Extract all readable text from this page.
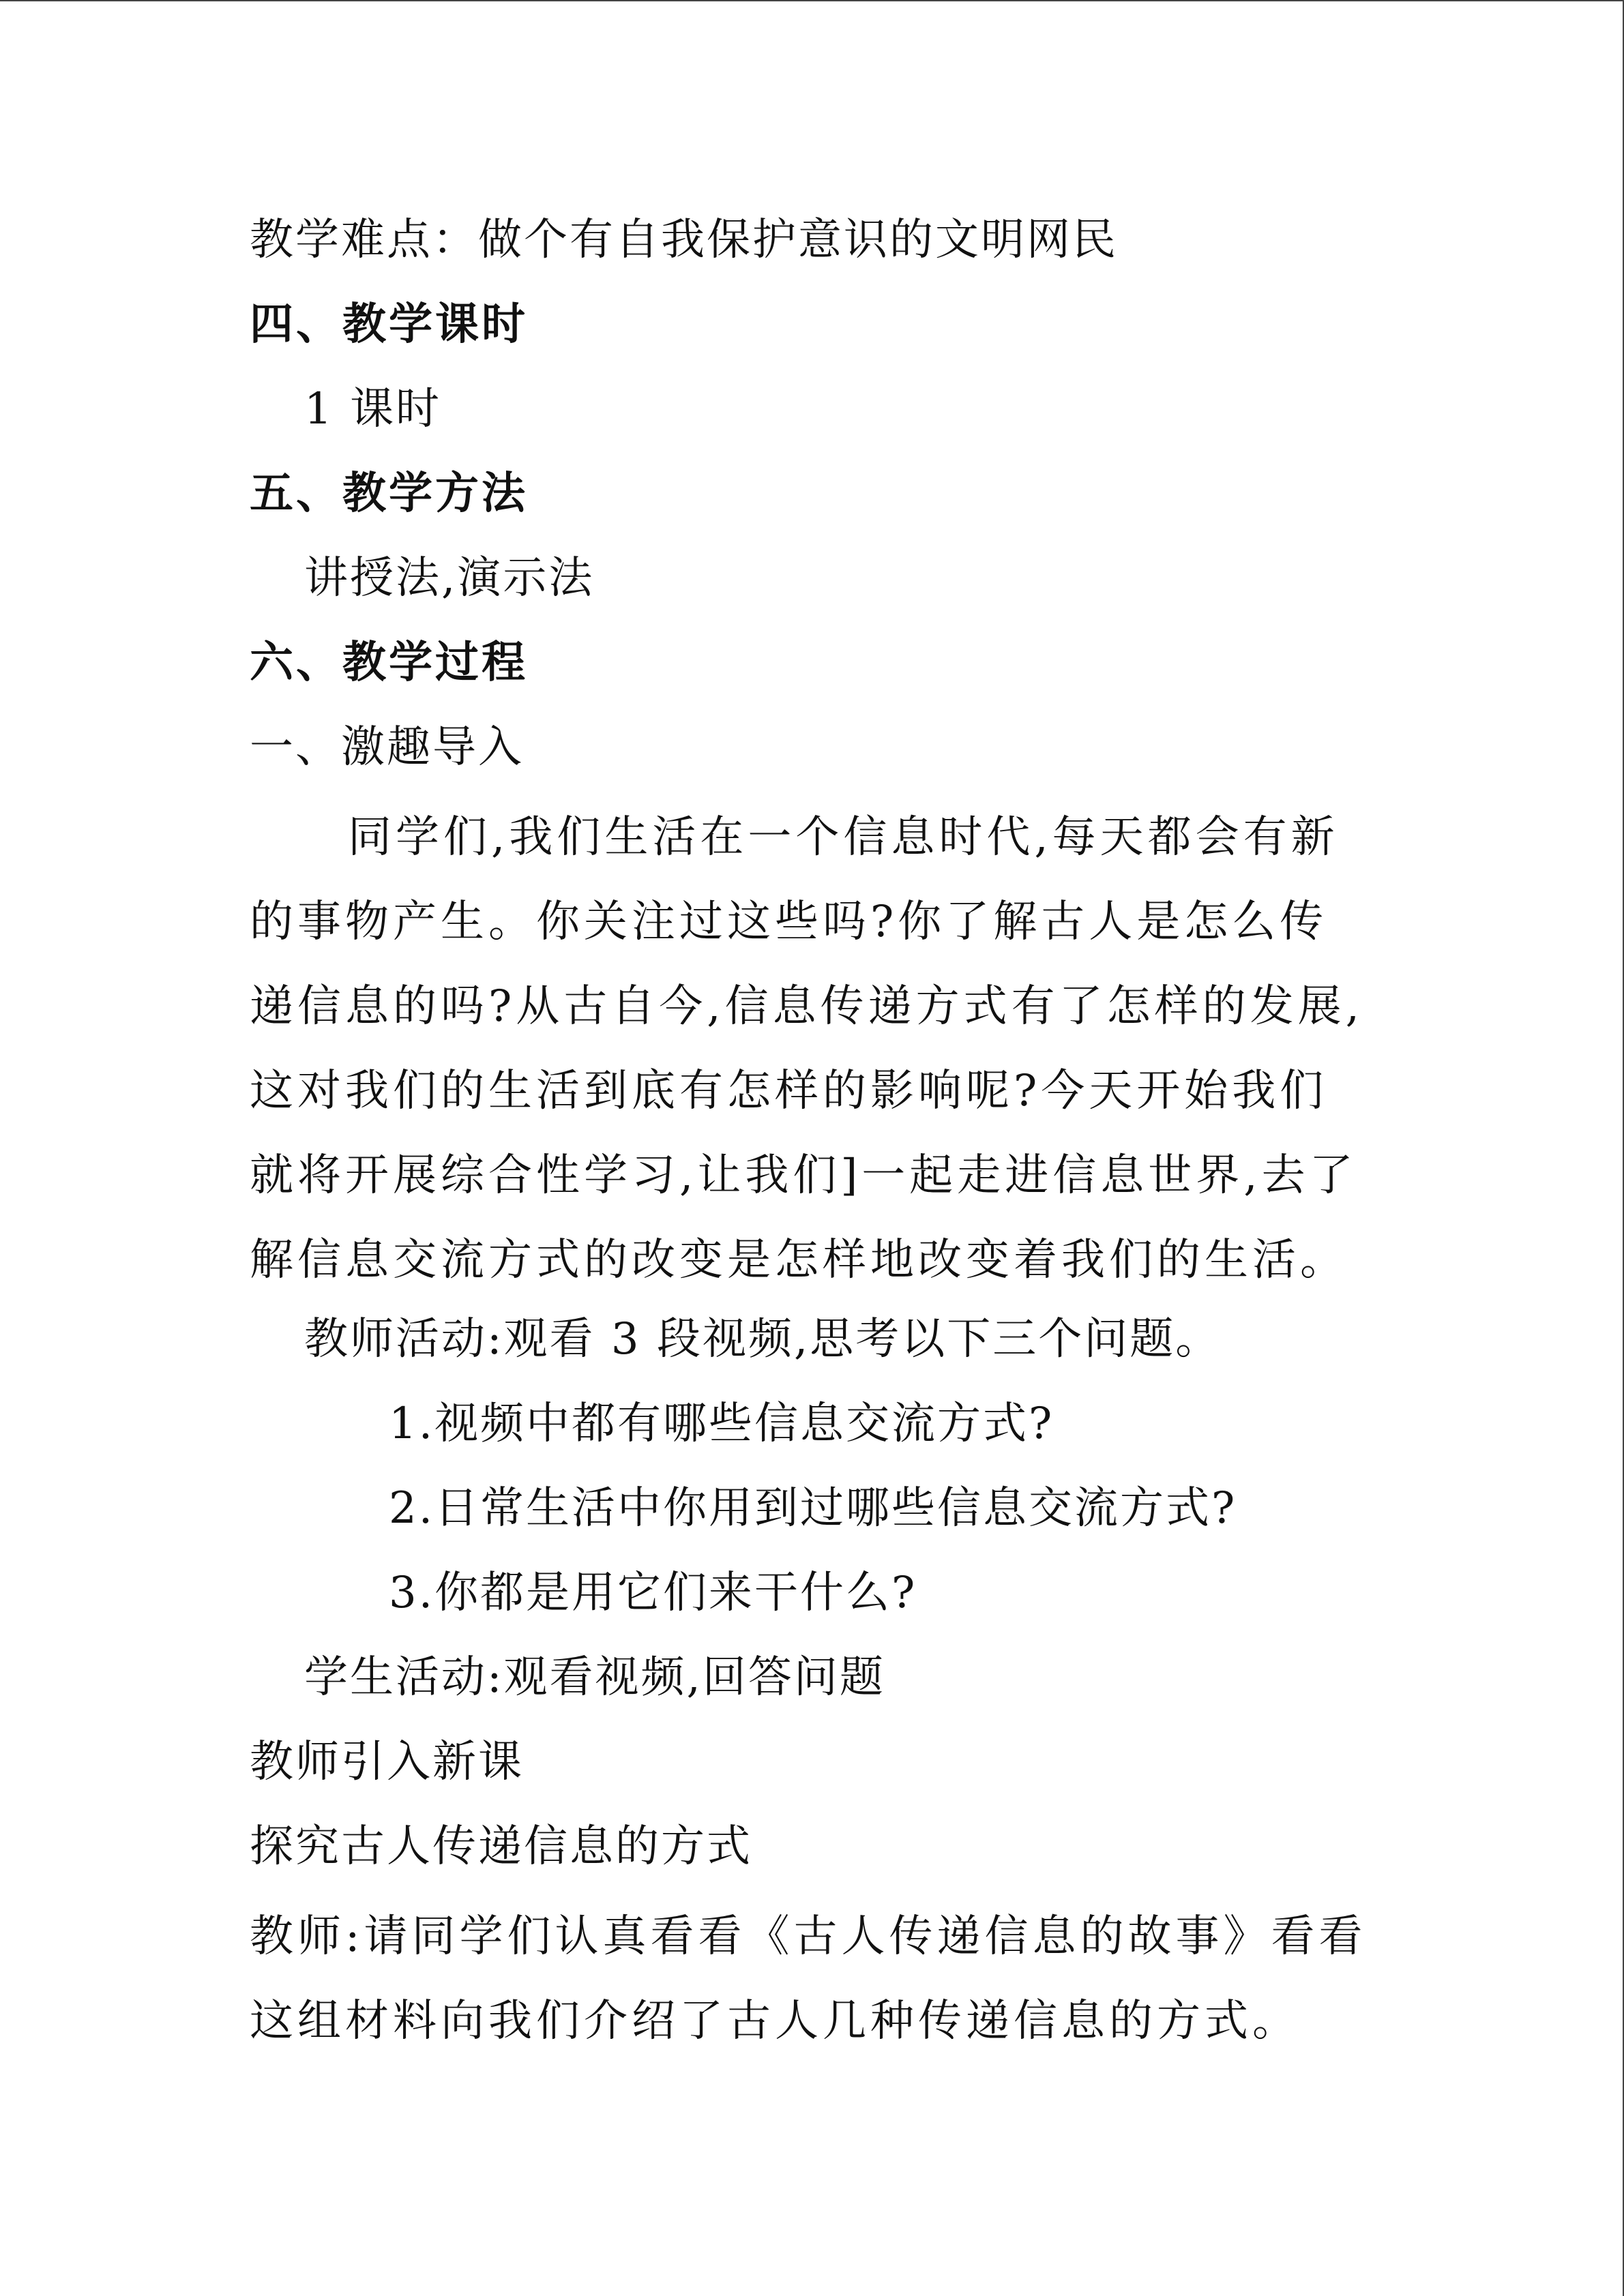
教学难点：做个有自我保护意识的文明网民
四、教学课时
1 课时
五、教学方法
讲授法,演示法
六、教学过程
一、激趣导入

同学们,我们生活在一个信息时代,每天都会有新的事物产生。你关注过这些吗?你了解古人是怎么传递信息的吗?从古自今,信息传递方式有了怎样的发展,这对我们的生活到底有怎样的影响呢?今天开始我们就将开展综合性学习,让我们]一起走进信息世界,去了解信息交流方式的改变是怎样地改变着我们的生活。

教师活动:观看 3 段视频,思考以下三个问题。
1.视频中都有哪些信息交流方式?
2.日常生活中你用到过哪些信息交流方式?
3.你都是用它们来干什么?
学生活动:观看视频,回答问题
教师引入新课
探究古人传递信息的方式

教师:请同学们认真看看《古人传递信息的故事》看看这组材料向我们介绍了古人几种传递信息的方式。
